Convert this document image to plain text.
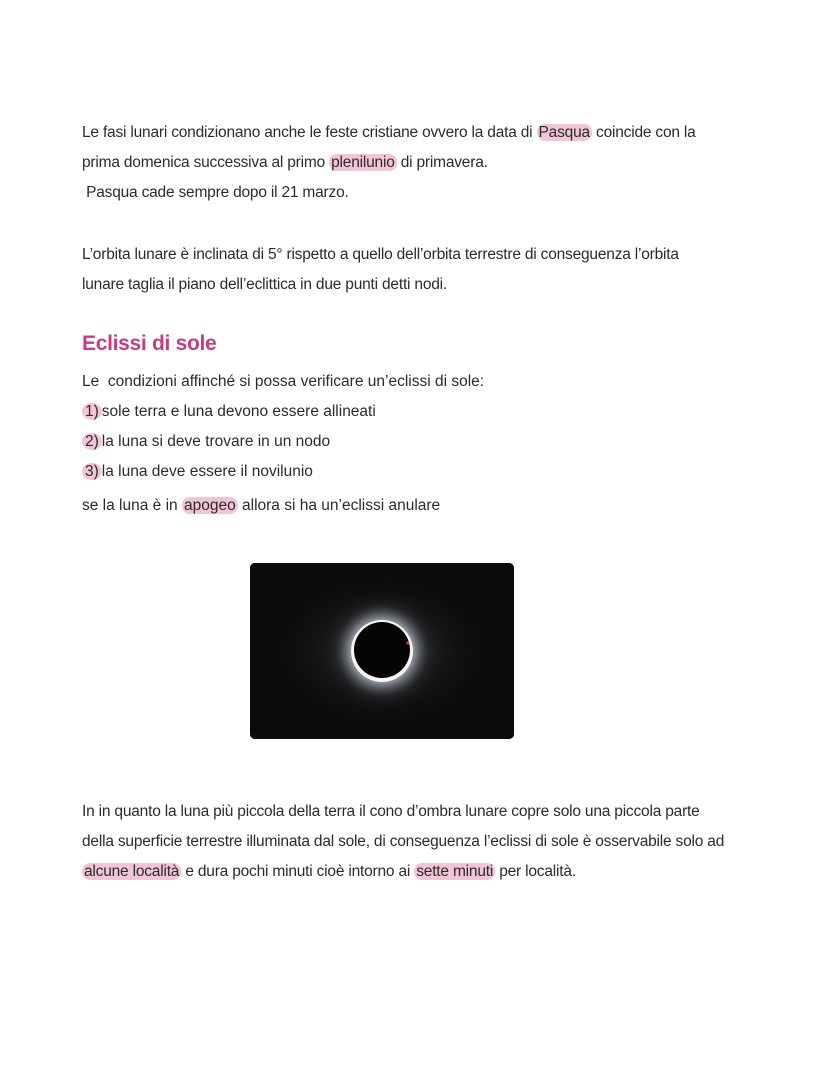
Le fasi lunari condizionano anche le feste cristiane ovvero la data di Pasqua coincide con la

prima domenica successiva al primo plenilunio di primavera.

Pasqua cade sempre dopo il 21 marzo.

L’orbita lunare è inclinata di 5° rispetto a quello dell’orbita terrestre di conseguenza l’orbita

lunare taglia il piano dell’eclittica in due punti detti nodi.

Eclissi di sole
Le  condizioni affinché si possa verificare un’eclissi di sole:
1) sole terra e luna devono essere allineati
2) la luna si deve trovare in un nodo
3) la luna deve essere il novilunio
se la luna è in apogeo allora si ha un’eclissi anulare

In in quanto la luna più piccola della terra il cono d’ombra lunare copre solo una piccola parte

della superficie terrestre illuminata dal sole, di conseguenza l’eclissi di sole è osservabile solo ad

alcune località e dura pochi minuti cioè intorno ai sette minuti per località.
